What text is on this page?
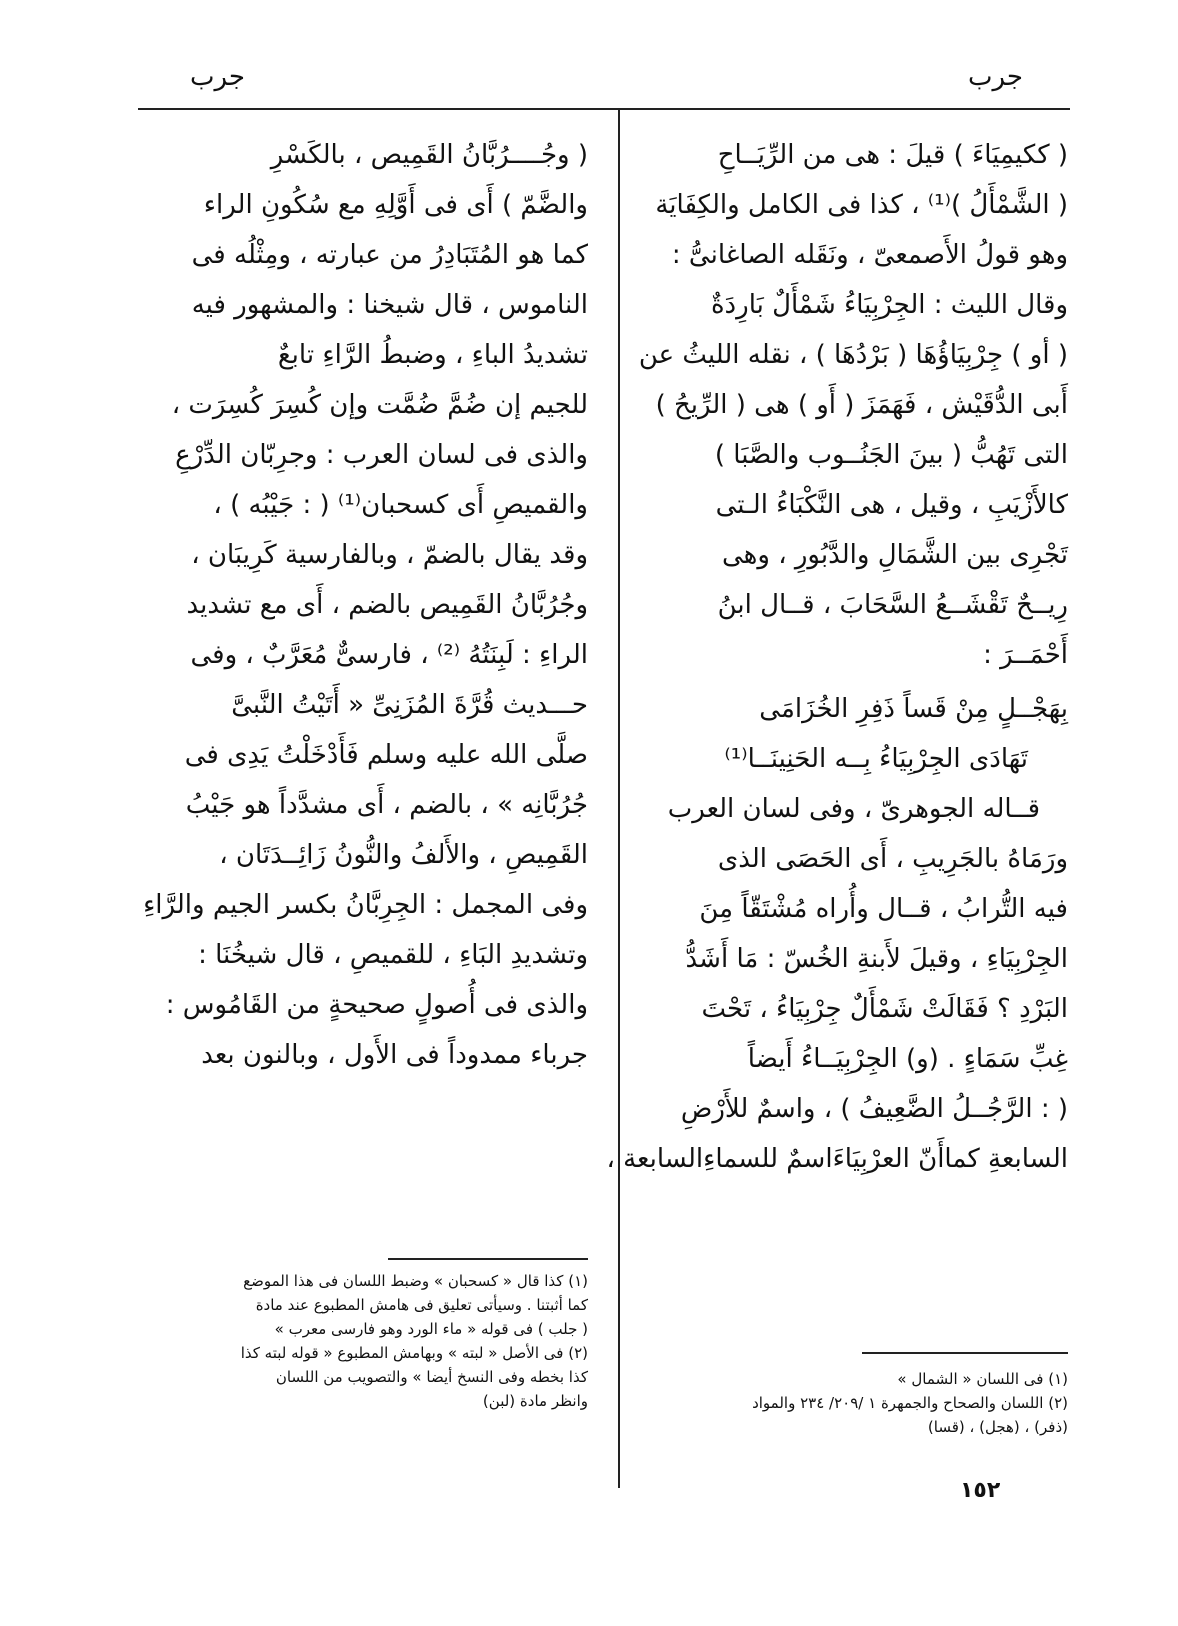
جرب
جرب

( ككيمِيَاءَ ) قيلَ : هى من الرِّيَــاحِ

( الشَّمْأَلُ )⁽¹⁾ ، كذا فى الكامل والكِفَايَة

وهو قولُ الأَصمعىّ ، ونَقَله الصاغانىُّ :

وقال الليث : الجِرْبِيَاءُ شَمْأَلٌ بَارِدَةٌ

( أو ) جِرْبِيَاؤُهَا ( بَرْدُهَا ) ، نقله الليثُ عن

أَبى الدُّقَيْش ، فَهَمَزَ ( أَو ) هى ( الرِّيحُ )

التى تَهُبُّ ( بينَ الجَنُــوب والصَّبَا )

كالأَزْيَبِ ، وقيل ، هى النَّكْبَاءُ الـتى

تَجْرِى بين الشَّمَالِ والدَّبُورِ ، وهى

رِيــحٌ تَقْشَــعُ السَّحَابَ ، قــال ابنُ

أَحْمَــرَ :

بِهَجْــلٍ مِنْ قَساً ذَفِرِ الخُزَامَى

تَهَادَى الجِرْبِيَاءُ بِــه الحَنِينَــا⁽¹⁾

قــاله الجوهرىّ ، وفى لسان العرب

ورَمَاهُ بالجَرِيبِ ، أَى الحَصَى الذى

فيه التُّرابُ ، قــال وأُراه مُشْتَقّاً مِنَ

الجِرْبِيَاءِ ، وقيلَ لأَبنةِ الخُسّ : مَا أَشَدُّ

البَرْدِ ؟ فَقَالَتْ شَمْأَلٌ جِرْبِيَاءُ ، تَحْتَ

غِبِّ سَمَاءٍ . (و) الجِرْبِيَــاءُ أَيضاً

( : الرَّجُــلُ الضَّعِيفُ ) ، واسمٌ للأَرْضِ

السابعةِ كماأَنّ العرْبِيَاءَاسمٌ للسماءِالسابعة ،

( وجُــــرُبَّانُ القَمِيص ، بالكَسْرِ

والضَّمّ ) أَى فى أَوَّلِهِ مع سُكُونِ الراء

كما هو المُتَبَادِرُ من عبارته ، ومِثْلُه فى

الناموس ، قال شيخنا : والمشهور فيه

تشديدُ الباءِ ، وضبطُ الرَّاءِ تابعٌ

للجيم إن ضُمَّ ضُمَّت وإن كُسِرَ كُسِرَت ،

والذى فى لسان العرب : وجرِبّان الدِّرْعِ

والقميصِ أَى كسحبان⁽¹⁾ ( : جَيْبُه ) ،

وقد يقال بالضمّ ، وبالفارسية كَرِيبَان ،

وجُرُبَّانُ القَمِيص بالضم ، أَى مع تشديد

الراءِ : لَبِنَتُهُ ⁽²⁾ ، فارسىٌّ مُعَرَّبٌ ، وفى

حـــديث قُرَّةَ المُزَنِىِّ « أَتَيْتُ النَّبىَّ

صلَّى الله عليه وسلم فَأَدْخَلْتُ يَدِى فى

جُرُبَّانِه » ، بالضم ، أَى مشدَّداً هو جَيْبُ

القَمِيصِ ، والأَلفُ والنُّونُ زَائِــدَتَان ،

وفى المجمل : الجِرِبَّانُ بكسر الجيم والرَّاءِ

وتشديدِ البَاءِ ، للقميصِ ، قال شيخُنَا :

والذى فى أُصولٍ صحيحةٍ من القَامُوس :

جرباء ممدوداً فى الأَول ، وبالنون بعد

(١) فى اللسان « الشمال »

(٢) اللسان والصحاح والجمهرة ١ /٢٠٩/ ٢٣٤ والمواد

(ذفر) ، (هجل) ، (قسا)

(١) كذا قال « كسحبان » وضبط اللسان فى هذا الموضع

كما أثبتنا . وسيأتى تعليق فى هامش المطبوع عند مادة

( جلب ) فى قوله « ماء الورد وهو فارسى معرب »

(٢) فى الأصل « لبته » وبهامش المطبوع « قوله لبته كذا

كذا بخطه وفى النسخ أيضا » والتصويب من اللسان

وانظر مادة (لبن)

١٥٢
